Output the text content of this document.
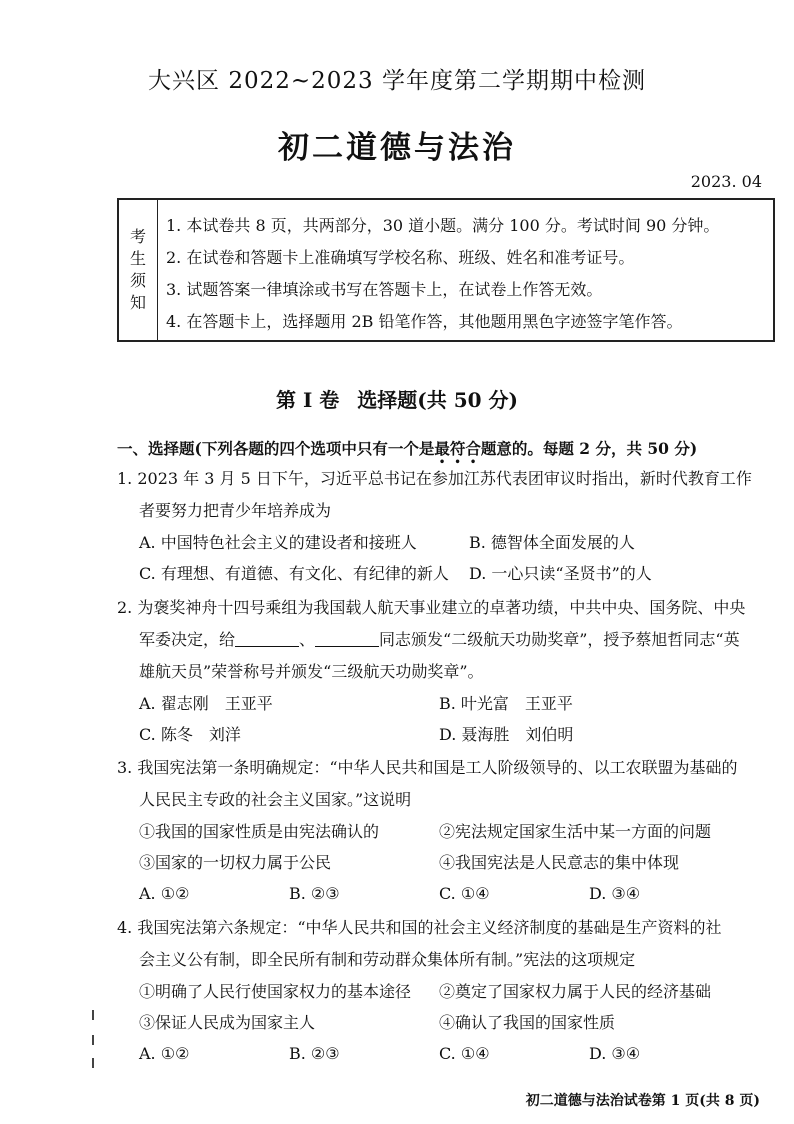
大兴区 2022~2023 学年度第二学期期中检测
初二道德与法治
2023. 04
考
生
须
知
1. 本试卷共 8 页，共两部分，30 道小题。满分 100 分。考试时间 90 分钟。
2. 在试卷和答题卡上准确填写学校名称、班级、姓名和准考证号。
3. 试题答案一律填涂或书写在答题卡上，在试卷上作答无效。
4. 在答题卡上，选择题用 2B 铅笔作答，其他题用黑色字迹签字笔作答。
第 I 卷 选择题(共 50 分)
一、选择题(下列各题的四个选项中只有一个是最符合题意的。每题 2 分，共 50 分)
1. 2023 年 3 月 5 日下午，习近平总书记在参加江苏代表团审议时指出，新时代教育工作
者要努力把青少年培养成为
A. 中国特色社会主义的建设者和接班人	B. 德智体全面发展的人
C. 有理想、有道德、有文化、有纪律的新人 D. 一心只读“圣贤书”的人
2. 为褒奖神舟十四号乘组为我国载人航天事业建立的卓著功绩，中共中央、国务院、中央
军委决定，给	、	同志颁发“二级航天功勋奖章”，授予蔡旭哲同志“英
雄航天员”荣誉称号并颁发“三级航天功勋奖章”。
A. 翟志刚　王亚平	B. 叶光富　王亚平
C. 陈冬　刘洋	D. 聂海胜　刘伯明
3. 我国宪法第一条明确规定：“中华人民共和国是工人阶级领导的、以工农联盟为基础的
人民民主专政的社会主义国家。”这说明
①我国的国家性质是由宪法确认的	②宪法规定国家生活中某一方面的问题
③国家的一切权力属于公民	④我国宪法是人民意志的集中体现
A. ①②	B. ②③	C. ①④	D. ③④
4. 我国宪法第六条规定：“中华人民共和国的社会主义经济制度的基础是生产资料的社
会主义公有制，即全民所有制和劳动群众集体所有制。”宪法的这项规定
①明确了人民行使国家权力的基本途径 ②奠定了国家权力属于人民的经济基础
③保证人民成为国家主人	④确认了我国的国家性质
A. ①②	B. ②③	C. ①④	D. ③④
初二道德与法治试卷第 1 页(共 8 页)
